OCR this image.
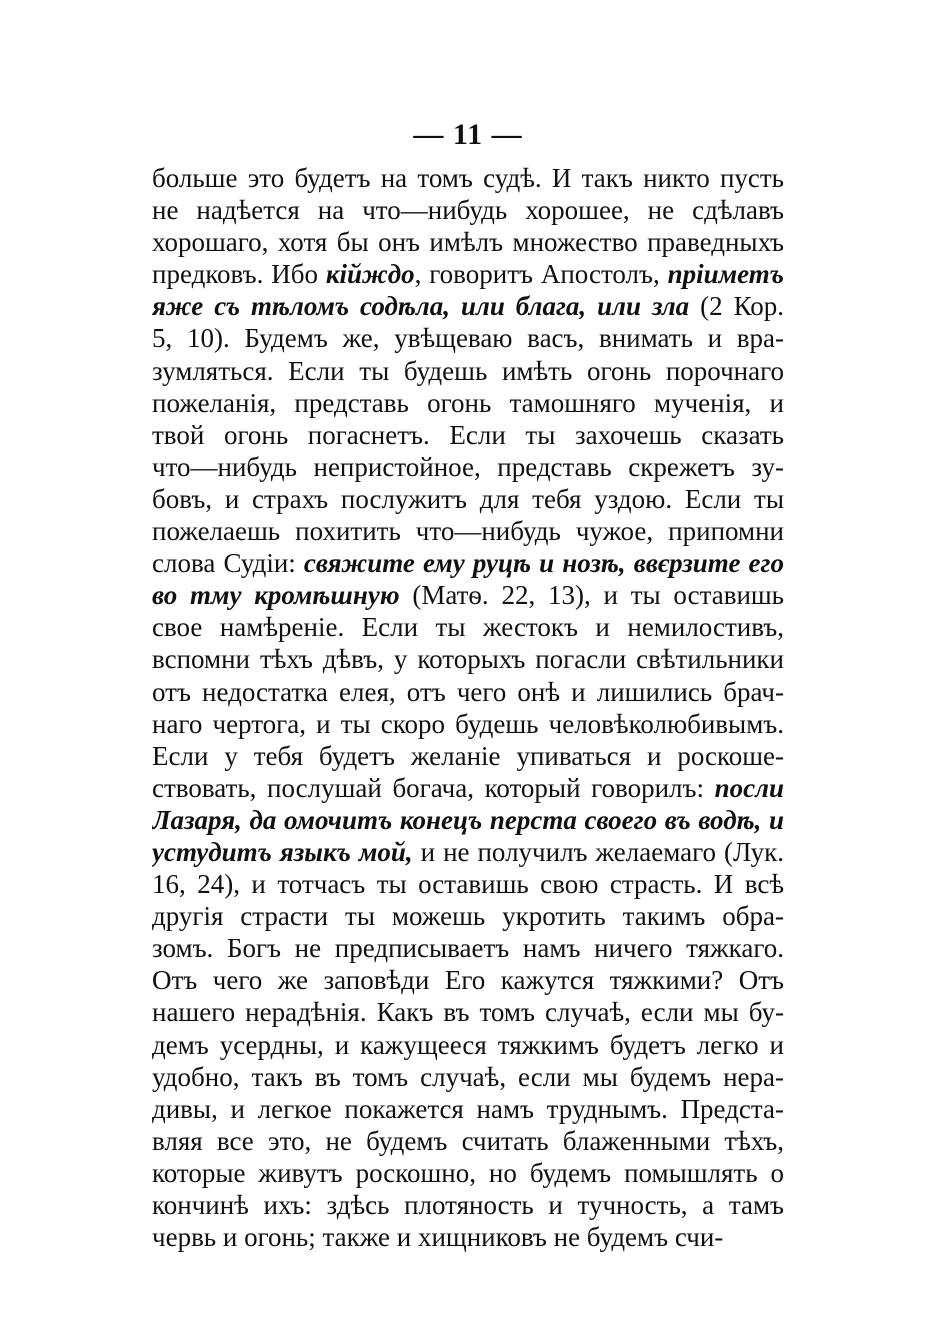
— 11 —
больше это будетъ на томъ судѣ. И такъ никто пусть
не надѣется на что—нибудь хорошее, не сдѣлавъ
хорошаго, хотя бы онъ имѣлъ множество праведныхъ
предковъ. Ибо кійждо, говоритъ Апостолъ, пріиметъ
яже съ тѣломъ содѣла, или блага, или зла (2 Кор.
5, 10). Будемъ же, увѣщеваю васъ, внимать и вра-
зумляться. Если ты будешь имѣть огонь порочнаго
пожеланія, представь огонь тамошняго мученія, и
твой огонь погаснетъ. Если ты захочешь сказать
что—нибудь непристойное, представь скрежетъ зу-
бовъ, и страхъ послужитъ для тебя уздою. Если ты
пожелаешь похитить что—нибудь чужое, припомни
слова Судіи: свяжите ему руцѣ и нозѣ, ввєрзите его
во тму кромѣшную (Матѳ. 22, 13), и ты оставишь
свое намѣреніе. Если ты жестокъ и немилостивъ,
вспомни тѣхъ дѣвъ, у которыхъ погасли свѣтильники
отъ недостатка елея, отъ чего онѣ и лишились брач-
наго чертога, и ты скоро будешь человѣколюбивымъ.
Если у тебя будетъ желаніе упиваться и роскоше-
ствовать, послушай богача, который говорилъ: посли
Лазаря, да омочитъ конецъ перста своего въ водѣ, и
устудитъ языкъ мой, и не получилъ желаемаго (Лук.
16, 24), и тотчасъ ты оставишь свою страсть. И всѣ
другія страсти ты можешь укротить такимъ обра-
зомъ. Богъ не предписываетъ намъ ничего тяжкаго.
Отъ чего же заповѣди Его кажутся тяжкими? Отъ
нашего нерадѣнія. Какъ въ томъ случаѣ, если мы бу-
демъ усердны, и кажущееся тяжкимъ будетъ легко и
удобно, такъ въ томъ случаѣ, если мы будемъ нера-
дивы, и легкое покажется намъ труднымъ. Предста-
вляя все это, не будемъ считать блаженными тѣхъ,
которые живутъ роскошно, но будемъ помышлять о
кончинѣ ихъ: здѣсь плотяность и тучность, а тамъ
червь и огонь; также и хищниковъ не будемъ счи-
